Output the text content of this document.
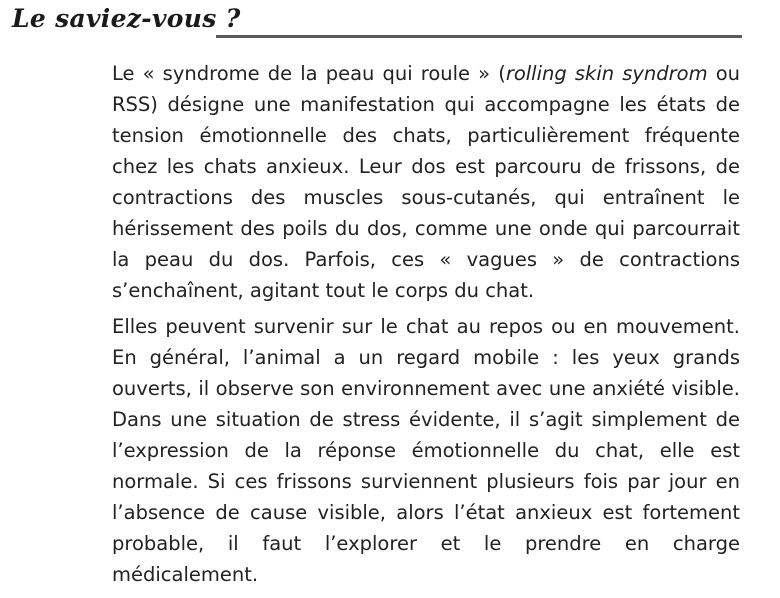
Le saviez-vous ?

Le « syndrome de la peau qui roule » (rolling skin syndrom ou RSS) désigne une manifestation qui accompagne les états de tension émotionnelle des chats, particulièrement fréquente chez les chats anxieux. Leur dos est parcouru de frissons, de contractions des muscles sous-cutanés, qui entraînent le hérissement des poils du dos, comme une onde qui parcourrait la peau du dos. Parfois, ces « vagues » de contractions s’enchaînent, agitant tout le corps du chat.

Elles peuvent survenir sur le chat au repos ou en mouvement. En général, l’animal a un regard mobile : les yeux grands ouverts, il observe son environnement avec une anxiété visible. Dans une situation de stress évidente, il s’agit simplement de l’expression de la réponse émotionnelle du chat, elle est normale. Si ces frissons surviennent plusieurs fois par jour en l’absence de cause visible, alors l’état anxieux est fortement probable, il faut l’explorer et le prendre en charge médicalement.
